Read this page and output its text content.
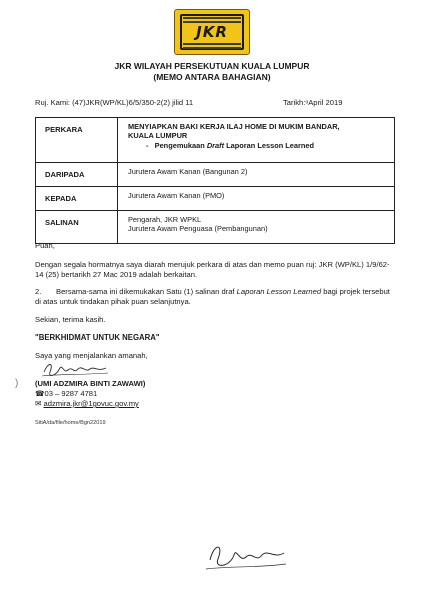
JKR
JKR WILAYAH PERSEKUTUAN KUALA LUMPUR
(MEMO ANTARA BAHAGIAN)
Ruj. Kami: (47)JKR(WP/KL)6/5/350-2(2) jilid 11	Tarikh:ᵍApril 2019
PERKARA	MENYIAPKAN BAKI KERJA ILAJ HOME DI MUKIM BANDAR,
KUALA LUMPUR
- Pengemukaan Draft Laporan Lesson Learned

DARIPADA	Jurutera Awam Kanan (Bangunan 2)
KEPADA	Jurutera Awam Kanan (PMO)
SALINAN	Pengarah, JKR WPKL
Jurutera Awam Penguasa (Pembangunan)
Puan,
Dengan segala hormatnya saya diarah merujuk perkara di atas dan memo puan ruj: JKR (WP/KL) 1/9/62-14 (25) bertarikh 27 Mac 2019 adalah berkaitan.
2. Bersama-sama ini dikemukakan Satu (1) salinan draf Laporan Lesson Learned bagi projek tersebut di atas untuk tindakan pihak puan selanjutnya.
Sekian, terima kasih.
"BERKHIDMAT UNTUK NEGARA"
Saya yang menjalankan amanah,
) (UMI ADZMIRA BINTI ZAWAWI)
☎03 – 9287 4781
✉ adzmira.jkr@1govuc.gov.my
SitiA/da/file/home/Bgn22019
